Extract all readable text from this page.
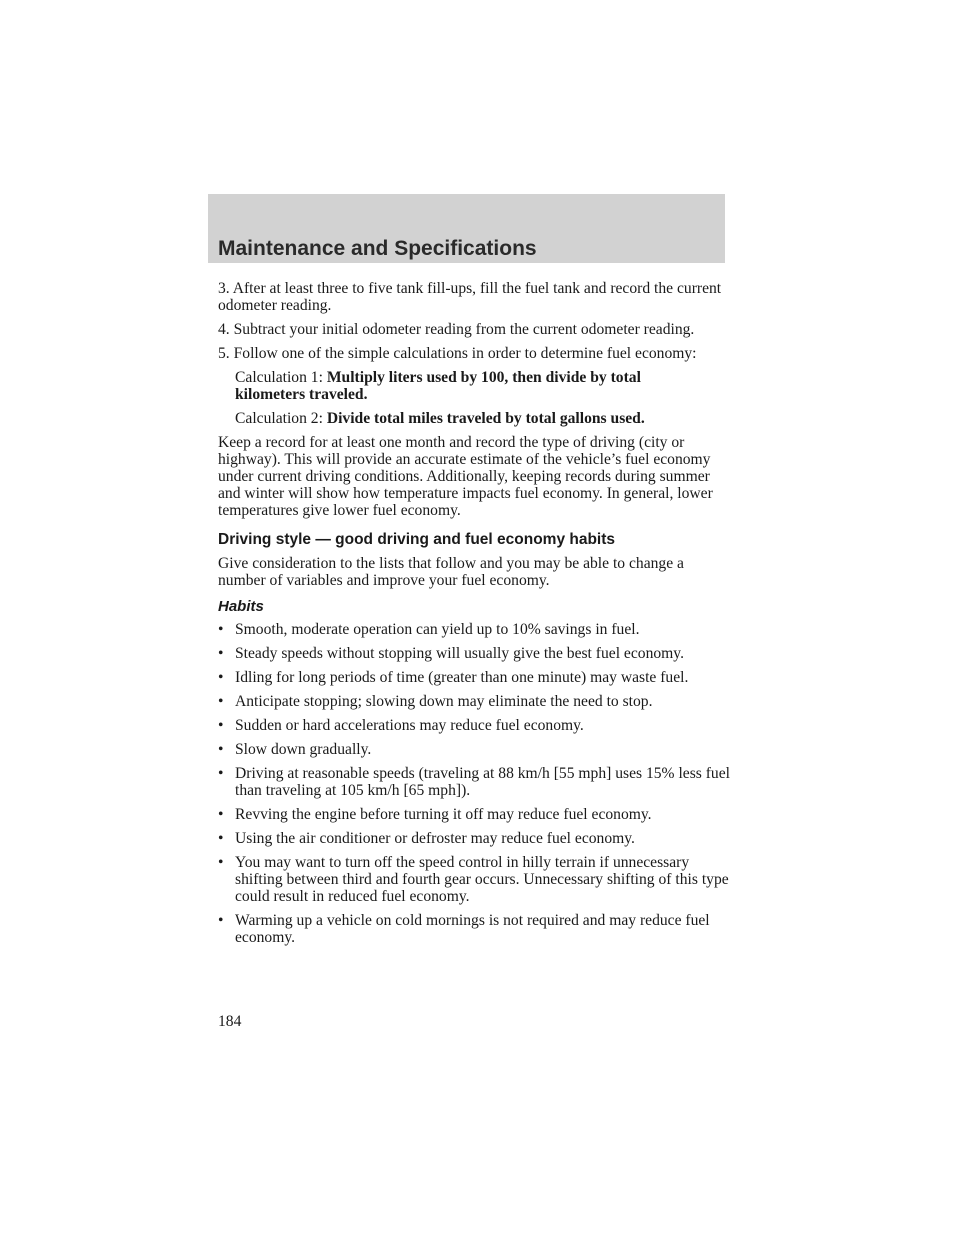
Maintenance and Specifications

3. After at least three to five tank fill-ups, fill the fuel tank and record the current odometer reading.

4. Subtract your initial odometer reading from the current odometer reading.

5. Follow one of the simple calculations in order to determine fuel economy:

Calculation 1: Multiply liters used by 100, then divide by total
kilometers traveled.

Calculation 2: Divide total miles traveled by total gallons used.

Keep a record for at least one month and record the type of driving (city or highway). This will provide an accurate estimate of the vehicle’s fuel economy under current driving conditions. Additionally, keeping records during summer and winter will show how temperature impacts fuel economy. In general, lower temperatures give lower fuel economy.

Driving style — good driving and fuel economy habits

Give consideration to the lists that follow and you may be able to change a number of variables and improve your fuel economy.

Habits
• Smooth, moderate operation can yield up to 10% savings in fuel.
• Steady speeds without stopping will usually give the best fuel economy.
• Idling for long periods of time (greater than one minute) may waste fuel.
• Anticipate stopping; slowing down may eliminate the need to stop.
• Sudden or hard accelerations may reduce fuel economy.
• Slow down gradually.
• Driving at reasonable speeds (traveling at 88 km/h [55 mph] uses 15% less fuel than traveling at 105 km/h [65 mph]).
• Revving the engine before turning it off may reduce fuel economy.
• Using the air conditioner or defroster may reduce fuel economy.
• You may want to turn off the speed control in hilly terrain if unnecessary shifting between third and fourth gear occurs. Unnecessary shifting of this type could result in reduced fuel economy.
• Warming up a vehicle on cold mornings is not required and may reduce fuel economy.
184
